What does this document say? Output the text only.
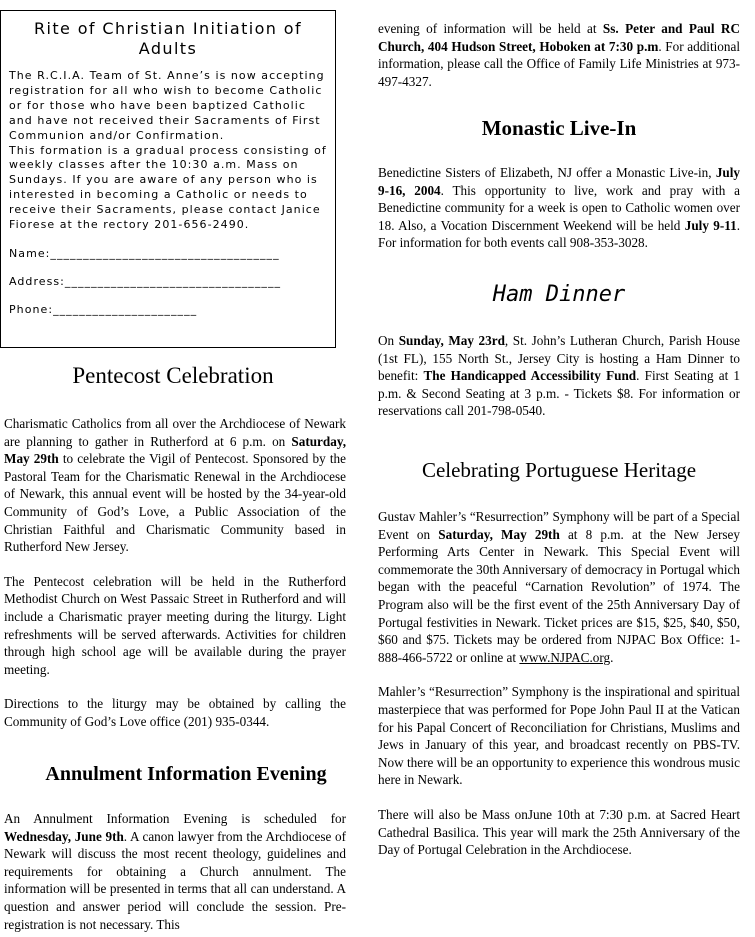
Rite of Christian Initiation of Adults
The R.C.I.A. Team of St. Anne’s is now accepting registration for all who wish to become Catholic or for those who have been baptized Catholic and have not received their Sacraments of First Communion and/or Confirmation.
This formation is a gradual process consisting of weekly classes after the 10:30 a.m. Mass on Sundays. If you are aware of any person who is interested in becoming a Catholic or needs to receive their Sacraments, please contact Janice Fiorese at the rectory 201-656-2490.
Name:___________________________________
Address:_________________________________
Phone:______________________
Pentecost Celebration

Charismatic Catholics from all over the Archdiocese of Newark are planning to gather in Rutherford at 6 p.m. on Saturday, May 29th to celebrate the Vigil of Pentecost. Sponsored by the Pastoral Team for the Charismatic Renewal in the Archdiocese of Newark, this annual event will be hosted by the 34-year-old Community of God’s Love, a Public Association of the Christian Faithful and Charismatic Community based in Rutherford New Jersey.

The Pentecost celebration will be held in the Rutherford Methodist Church on West Passaic Street in Rutherford and will include a Charismatic prayer meeting during the liturgy. Light refreshments will be served afterwards. Activities for children through high school age will be available during the prayer meeting.

Directions to the liturgy may be obtained by calling the Community of God’s Love office (201) 935-0344.

Annulment Information Evening

An Annulment Information Evening is scheduled for Wednesday, June 9th. A canon lawyer from the Archdiocese of Newark will discuss the most recent theology, guidelines and requirements for obtaining a Church annulment. The information will be presented in terms that all can understand. A question and answer period will conclude the session. Pre-registration is not necessary. This

evening of information will be held at Ss. Peter and Paul RC Church, 404 Hudson Street, Hoboken at 7:30 p.m. For additional information, please call the Office of Family Life Ministries at 973-497-4327.

Monastic Live-In

Benedictine Sisters of Elizabeth, NJ offer a Monastic Live-in, July 9-16, 2004. This opportunity to live, work and pray with a Benedictine community for a week is open to Catholic women over 18. Also, a Vocation Discernment Weekend will be held July 9-11. For information for both events call 908-353-3028.

Ham Dinner

On Sunday, May 23rd, St. John’s Lutheran Church, Parish House (1st FL), 155 North St., Jersey City is hosting a Ham Dinner to benefit: The Handicapped Accessibility Fund. First Seating at 1 p.m. & Second Seating at 3 p.m. - Tickets $8. For information or reservations call 201-798-0540.

Celebrating Portuguese Heritage

Gustav Mahler’s “Resurrection” Symphony will be part of a Special Event on Saturday, May 29th at 8 p.m. at the New Jersey Performing Arts Center in Newark. This Special Event will commemorate the 30th Anniversary of democracy in Portugal which began with the peaceful “Carnation Revolution” of 1974. The Program also will be the first event of the 25th Anniversary Day of Portugal festivities in Newark. Ticket prices are $15, $25, $40, $50, $60 and $75. Tickets may be ordered from NJPAC Box Office: 1-888-466-5722 or online at www.NJPAC.org.

Mahler’s “Resurrection” Symphony is the inspirational and spiritual masterpiece that was performed for Pope John Paul II at the Vatican for his Papal Concert of Reconciliation for Christians, Muslims and Jews in January of this year, and broadcast recently on PBS-TV. Now there will be an opportunity to experience this wondrous music here in Newark.

There will also be Mass onJune 10th at 7:30 p.m. at Sacred Heart Cathedral Basilica. This year will mark the 25th Anniversary of the Day of Portugal Celebration in the Archdiocese.
